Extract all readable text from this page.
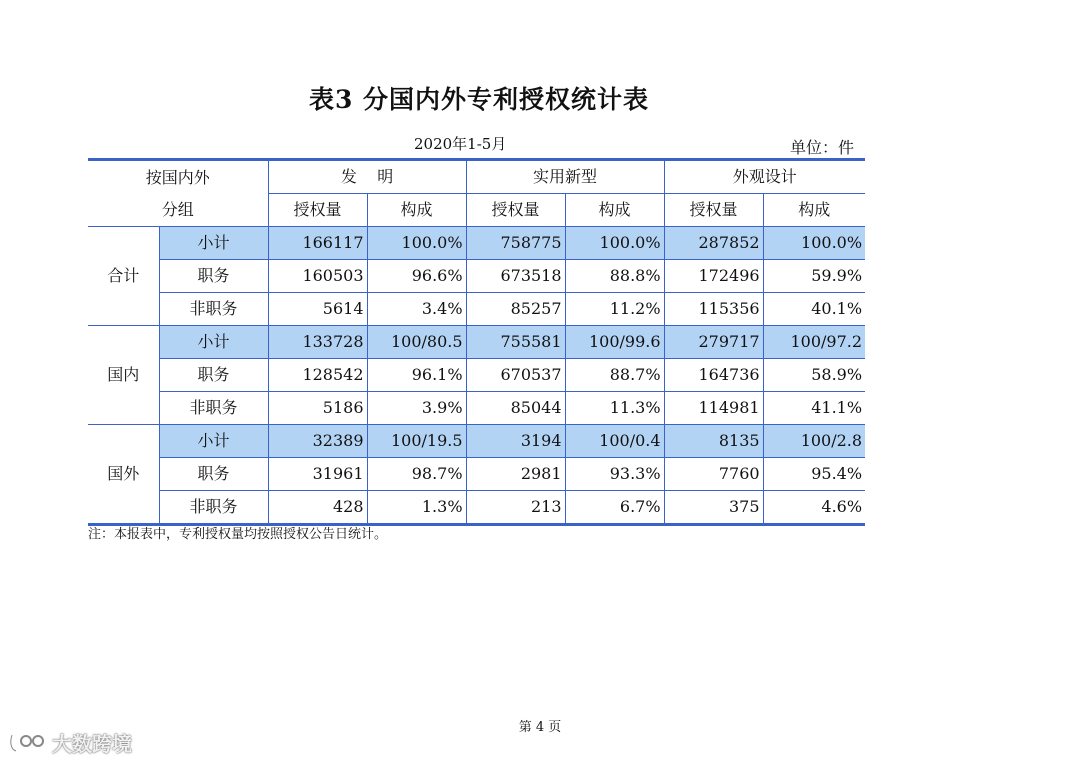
表3 分国内外专利授权统计表
2020年1-5月	单位：件
按国内外
分组		发    明		实用新型		外观设计	
		授权量	构成	授权量	构成	授权量	构成
合计	小计	166117	100.0%	758775	100.0%	287852	100.0%
	职务	160503	96.6%	673518	88.8%	172496	59.9%
	非职务	5614	3.4%	85257	11.2%	115356	40.1%
国内	小计	133728	100/80.5	755581	100/99.6	279717	100/97.2
	职务	128542	96.1%	670537	88.7%	164736	58.9%
	非职务	5186	3.9%	85044	11.3%	114981	41.1%
国外	小计	32389	100/19.5	3194	100/0.4	8135	100/2.8
	职务	31961	98.7%	2981	93.3%	7760	95.4%
	非职务	428	1.3%	213	6.7%	375	4.6%
注：本报表中，专利授权量均按照授权公告日统计。
第 4 页
大数跨境
